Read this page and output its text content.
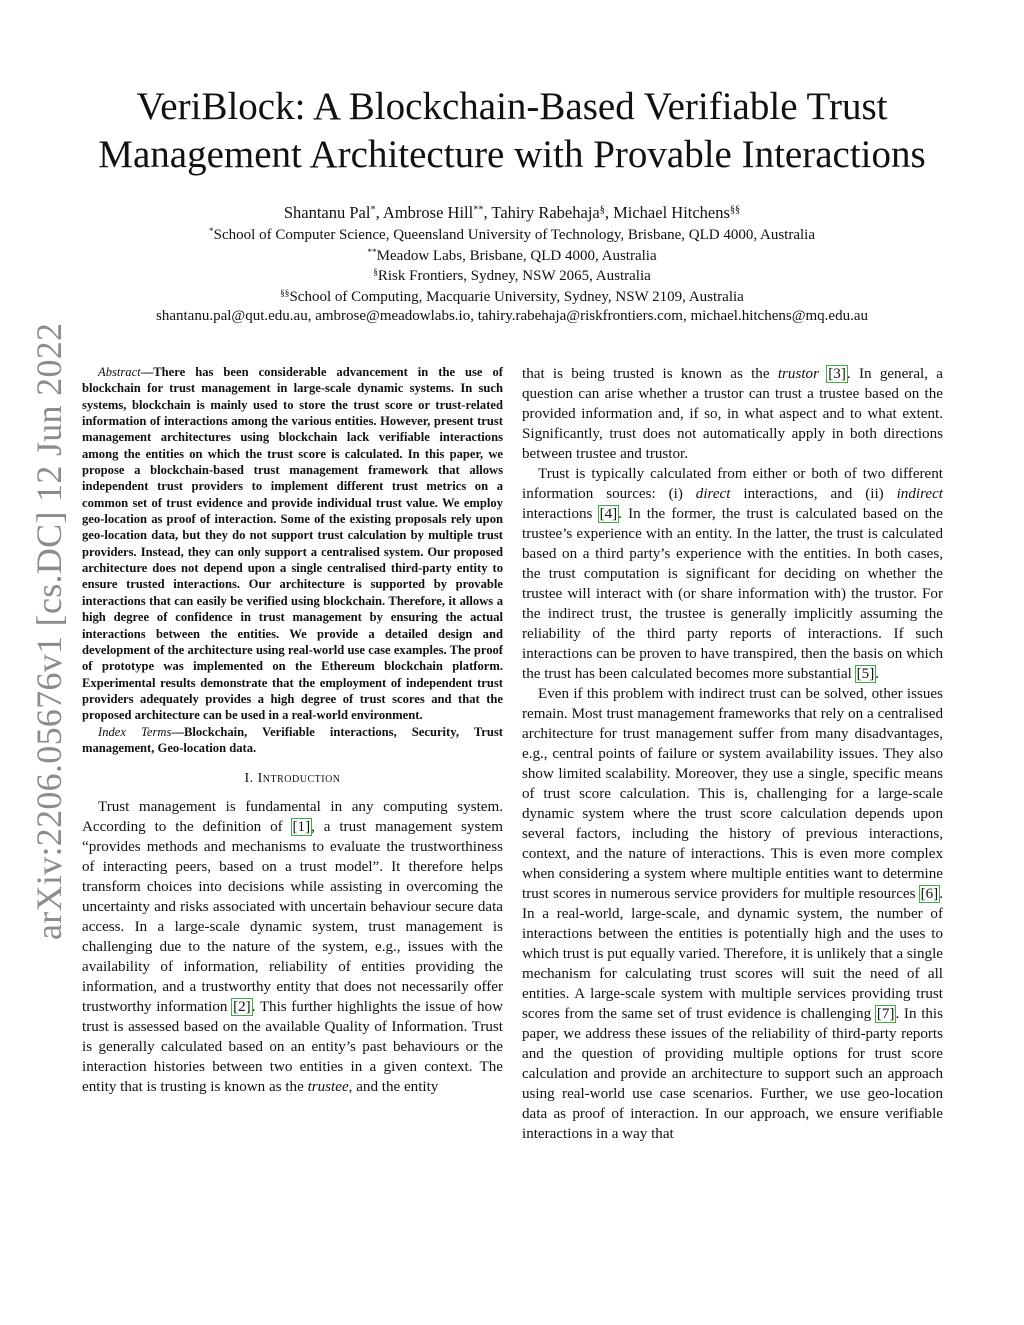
arXiv:2206.05676v1 [cs.DC] 12 Jun 2022
VeriBlock: A Blockchain-Based Verifiable Trust
Management Architecture with Provable Interactions
Shantanu Pal*, Ambrose Hill**, Tahiry Rabehaja§, Michael Hitchens§§
*School of Computer Science, Queensland University of Technology, Brisbane, QLD 4000, Australia
**Meadow Labs, Brisbane, QLD 4000, Australia
§Risk Frontiers, Sydney, NSW 2065, Australia
§§School of Computing, Macquarie University, Sydney, NSW 2109, Australia
shantanu.pal@qut.edu.au, ambrose@meadowlabs.io, tahiry.rabehaja@riskfrontiers.com, michael.hitchens@mq.edu.au

Abstract—There has been considerable advancement in the use of blockchain for trust management in large-scale dynamic systems. In such systems, blockchain is mainly used to store the trust score or trust-related information of interactions among the various entities. However, present trust management architectures using blockchain lack verifiable interactions among the entities on which the trust score is calculated. In this paper, we propose a blockchain-based trust management framework that allows independent trust providers to implement different trust metrics on a common set of trust evidence and provide individual trust value. We employ geo-location as proof of interaction. Some of the existing proposals rely upon geo-location data, but they do not support trust calculation by multiple trust providers. Instead, they can only support a centralised system. Our proposed architecture does not depend upon a single centralised third-party entity to ensure trusted interactions. Our architecture is supported by provable interactions that can easily be verified using blockchain. Therefore, it allows a high degree of confidence in trust management by ensuring the actual interactions between the entities. We provide a detailed design and development of the architecture using real-world use case examples. The proof of prototype was implemented on the Ethereum blockchain platform. Experimental results demonstrate that the employment of independent trust providers adequately provides a high degree of trust scores and that the proposed architecture can be used in a real-world environment.

Index Terms—Blockchain, Verifiable interactions, Security, Trust management, Geo-location data.

I. Introduction

Trust management is fundamental in any computing system. According to the definition of [1], a trust management system “provides methods and mechanisms to evaluate the trustworthiness of interacting peers, based on a trust model”. It therefore helps transform choices into decisions while assisting in overcoming the uncertainty and risks associated with uncertain behaviour secure data access. In a large-scale dynamic system, trust management is challenging due to the nature of the system, e.g., issues with the availability of information, reliability of entities providing the information, and a trustworthy entity that does not necessarily offer trustworthy information [2]. This further highlights the issue of how trust is assessed based on the available Quality of Information. Trust is generally calculated based on an entity’s past behaviours or the interaction histories between two entities in a given context. The entity that is trusting is known as the trustee, and the entity

that is being trusted is known as the trustor [3]. In general, a question can arise whether a trustor can trust a trustee based on the provided information and, if so, in what aspect and to what extent. Significantly, trust does not automatically apply in both directions between trustee and trustor.

Trust is typically calculated from either or both of two different information sources: (i) direct interactions, and (ii) indirect interactions [4]. In the former, the trust is calculated based on the trustee’s experience with an entity. In the latter, the trust is calculated based on a third party’s experience with the entities. In both cases, the trust computation is significant for deciding on whether the trustee will interact with (or share information with) the trustor. For the indirect trust, the trustee is generally implicitly assuming the reliability of the third party reports of interactions. If such interactions can be proven to have transpired, then the basis on which the trust has been calculated becomes more substantial [5].

Even if this problem with indirect trust can be solved, other issues remain. Most trust management frameworks that rely on a centralised architecture for trust management suffer from many disadvantages, e.g., central points of failure or system availability issues. They also show limited scalability. Moreover, they use a single, specific means of trust score calculation. This is, challenging for a large-scale dynamic system where the trust score calculation depends upon several factors, including the history of previous interactions, context, and the nature of interactions. This is even more complex when considering a system where multiple entities want to determine trust scores in numerous service providers for multiple resources [6]. In a real-world, large-scale, and dynamic system, the number of interactions between the entities is potentially high and the uses to which trust is put equally varied. Therefore, it is unlikely that a single mechanism for calculating trust scores will suit the need of all entities. A large-scale system with multiple services providing trust scores from the same set of trust evidence is challenging [7]. In this paper, we address these issues of the reliability of third-party reports and the question of providing multiple options for trust score calculation and provide an architecture to support such an approach using real-world use case scenarios. Further, we use geo-location data as proof of interaction. In our approach, we ensure verifiable interactions in a way that
